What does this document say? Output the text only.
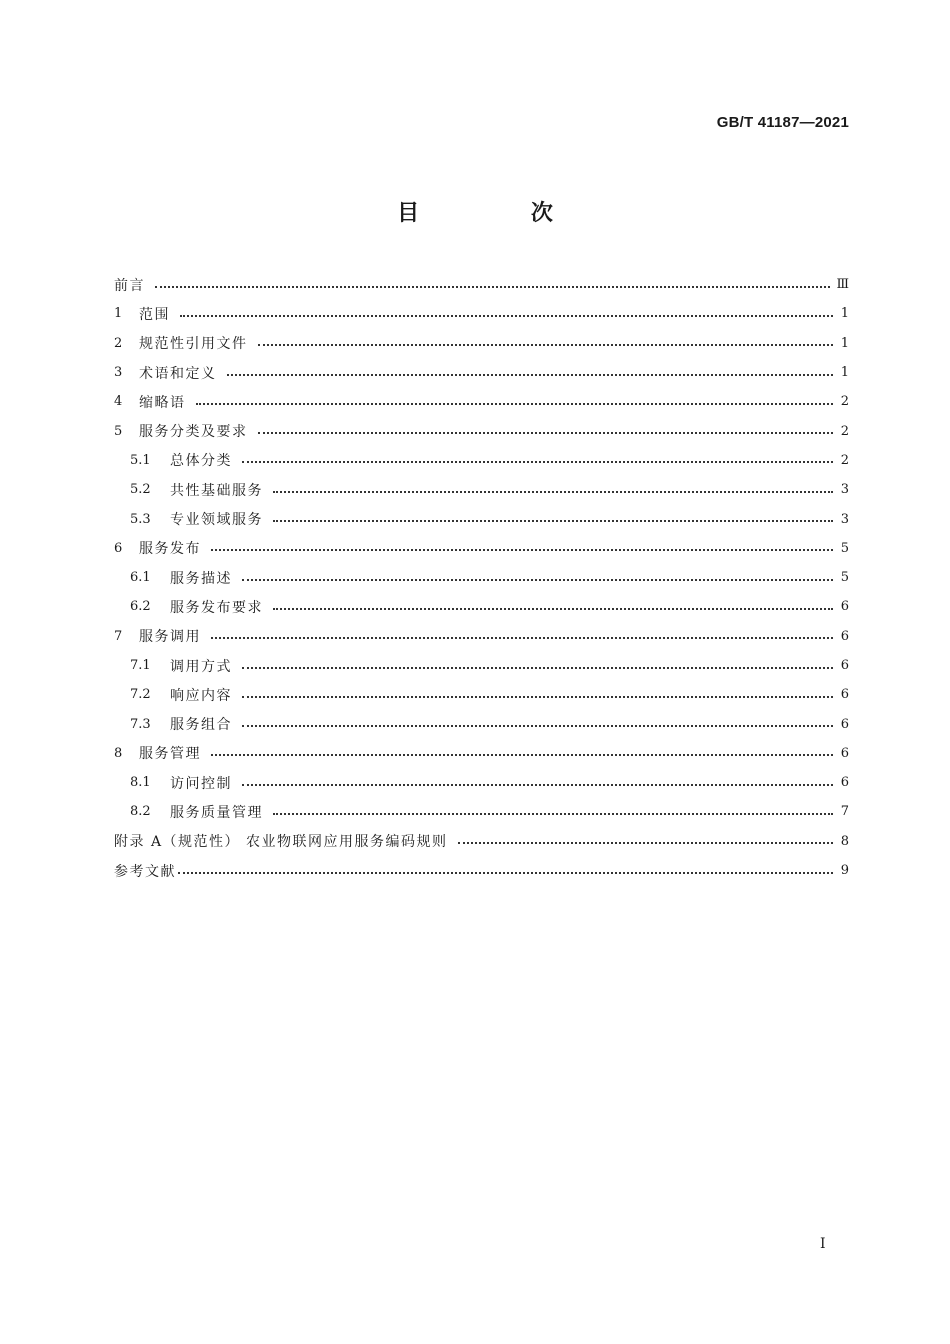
GB/T 41187—2021
目 次
前言	Ⅲ
1	范围	1
2	规范性引用文件	1
3	术语和定义	1
4	缩略语	2
5	服务分类及要求	2
5.1	总体分类	2
5.2	共性基础服务	3
5.3	专业领域服务	3
6	服务发布	5
6.1	服务描述	5
6.2	服务发布要求	6
7	服务调用	6
7.1	调用方式	6
7.2	响应内容	6
7.3	服务组合	6
8	服务管理	6
8.1	访问控制	6
8.2	服务质量管理	7
附录 A（规范性） 农业物联网应用服务编码规则	8
参考文献	9
I
